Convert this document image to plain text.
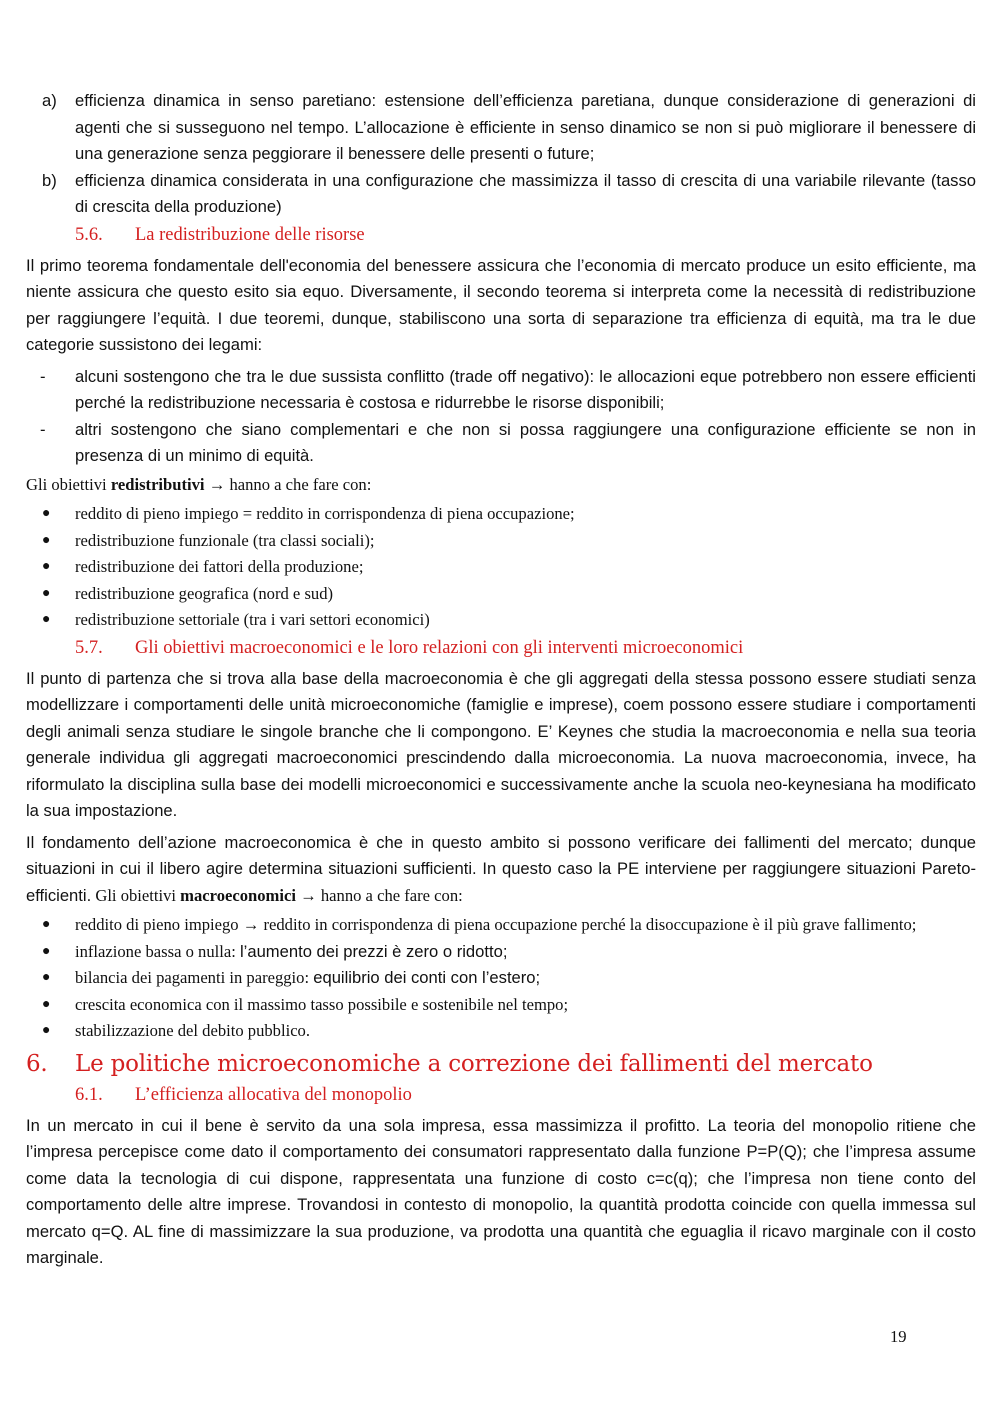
a) efficienza dinamica in senso paretiano: estensione dell’efficienza paretiana, dunque considerazione di generazioni di agenti che si susseguono nel tempo. L’allocazione è efficiente in senso dinamico se non si può migliorare il benessere di una generazione senza peggiorare il benessere delle presenti o future;
b) efficienza dinamica considerata in una configurazione che massimizza il tasso di crescita di una variabile rilevante (tasso di crescita della produzione)
5.6. La redistribuzione delle risorse

Il primo teorema fondamentale dell'economia del benessere assicura che l’economia di mercato produce un esito efficiente, ma niente assicura che questo esito sia equo. Diversamente, il secondo teorema si interpreta come la necessità di redistribuzione per raggiungere l’equità. I due teoremi, dunque, stabiliscono una sorta di separazione tra efficienza di equità, ma tra le due categorie sussistono dei legami:

- alcuni sostengono che tra le due sussista conflitto (trade off negativo): le allocazioni eque potrebbero non essere efficienti perché la redistribuzione necessaria è costosa e ridurrebbe le risorse disponibili;
- altri sostengono che siano complementari e che non si possa raggiungere una configurazione efficiente se non in presenza di un minimo di equità.

Gli obiettivi redistributivi → hanno a che fare con:

● reddito di pieno impiego = reddito in corrispondenza di piena occupazione;
● redistribuzione funzionale (tra classi sociali);
● redistribuzione dei fattori della produzione;
● redistribuzione geografica (nord e sud)
● redistribuzione settoriale (tra i vari settori economici)
5.7. Gli obiettivi macroeconomici e le loro relazioni con gli interventi microeconomici

Il punto di partenza che si trova alla base della macroeconomia è che gli aggregati della stessa possono essere studiati senza modellizzare i comportamenti delle unità microeconomiche (famiglie e imprese), coem possono essere studiare i comportamenti degli animali senza studiare le singole branche che li compongono. E’ Keynes che studia la macroeconomia e nella sua teoria generale individua gli aggregati macroeconomici prescindendo dalla microeconomia. La nuova macroeconomia, invece, ha riformulato la disciplina sulla base dei modelli microeconomici e successivamente anche la scuola neo-keynesiana ha modificato la sua impostazione.

Il fondamento dell’azione macroeconomica è che in questo ambito si possono verificare dei fallimenti del mercato; dunque situazioni in cui il libero agire determina situazioni sufficienti. In questo caso la PE interviene per raggiungere situazioni Pareto-efficienti. Gli obiettivi macroeconomici → hanno a che fare con:

● reddito di pieno impiego → reddito in corrispondenza di piena occupazione perché la disoccupazione è il più grave fallimento;
● inflazione bassa o nulla: l’aumento dei prezzi è zero o ridotto;
● bilancia dei pagamenti in pareggio: equilibrio dei conti con l’estero;
● crescita economica con il massimo tasso possibile e sostenibile nel tempo;
● stabilizzazione del debito pubblico.
6. Le politiche microeconomiche a correzione dei fallimenti del mercato
6.1. L’efficienza allocativa del monopolio

In un mercato in cui il bene è servito da una sola impresa, essa massimizza il profitto. La teoria del monopolio ritiene che l’impresa percepisce come dato il comportamento dei consumatori rappresentato dalla funzione P=P(Q); che l’impresa assume come data la tecnologia di cui dispone, rappresentata una funzione di costo c=c(q); che l’impresa non tiene conto del comportamento delle altre imprese. Trovandosi in contesto di monopolio, la quantità prodotta coincide con quella immessa sul mercato q=Q. AL fine di massimizzare la sua produzione, va prodotta una quantità che eguaglia il ricavo marginale con il costo marginale.

19
